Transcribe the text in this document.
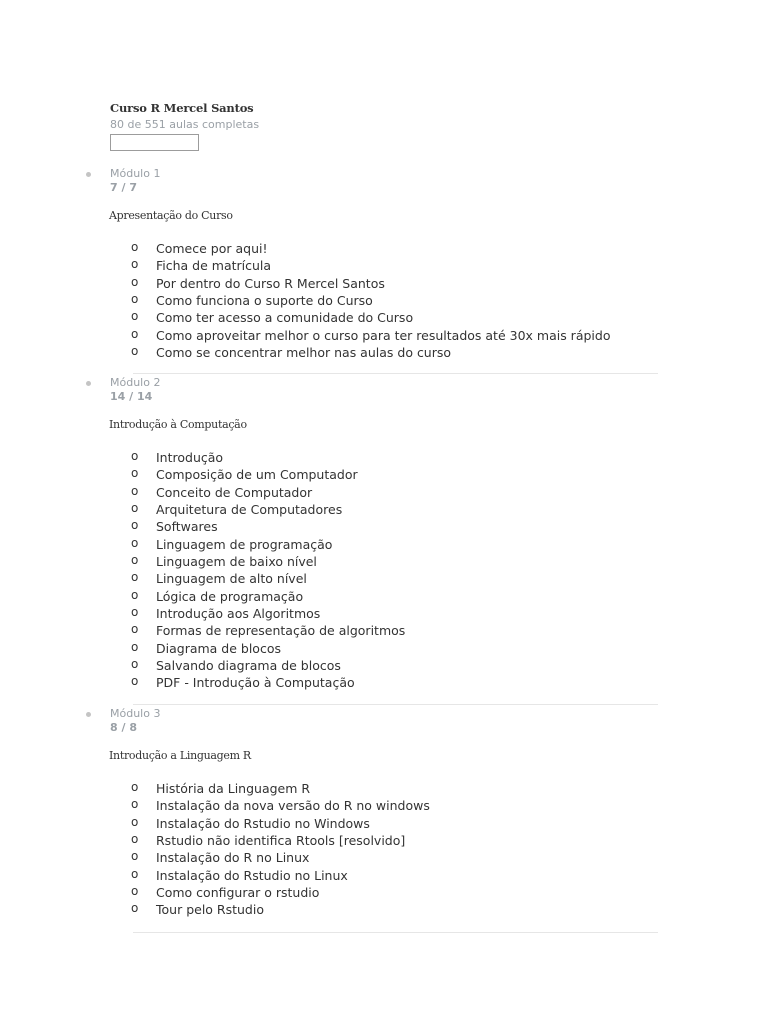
Curso R Mercel Santos
80 de 551 aulas completas
Módulo 1
7 / 7
Apresentação do Curso
o Comece por aqui!
o Ficha de matrícula
o Por dentro do Curso R Mercel Santos
o Como funciona o suporte do Curso
o Como ter acesso a comunidade do Curso
o Como aproveitar melhor o curso para ter resultados até 30x mais rápido
o Como se concentrar melhor nas aulas do curso
Módulo 2
14 / 14
Introdução à Computação
o Introdução
o Composição de um Computador
o Conceito de Computador
o Arquitetura de Computadores
o Softwares
o Linguagem de programação
o Linguagem de baixo nível
o Linguagem de alto nível
o Lógica de programação
o Introdução aos Algoritmos
o Formas de representação de algoritmos
o Diagrama de blocos
o Salvando diagrama de blocos
o PDF - Introdução à Computação
Módulo 3
8 / 8
Introdução a Linguagem R
o História da Linguagem R
o Instalação da nova versão do R no windows
o Instalação do Rstudio no Windows
o Rstudio não identifica Rtools [resolvido]
o Instalação do R no Linux
o Instalação do Rstudio no Linux
o Como configurar o rstudio
o Tour pelo Rstudio
